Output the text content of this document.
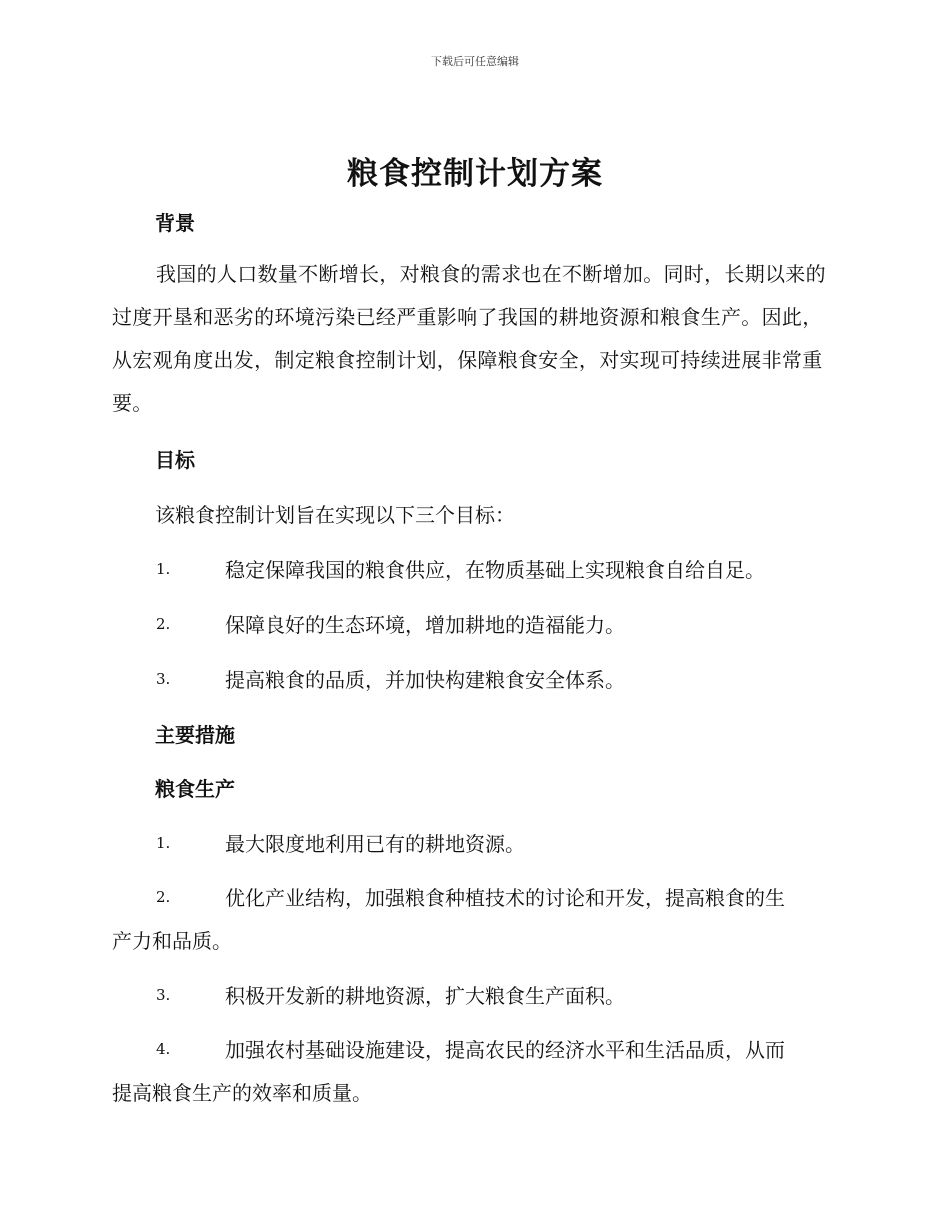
下载后可任意编辑
粮食控制计划方案
背景
我国的人口数量不断增长，对粮食的需求也在不断增加。同时，长期以来的过度开垦和恶劣的环境污染已经严重影响了我国的耕地资源和粮食生产。因此，从宏观角度出发，制定粮食控制计划，保障粮食安全，对实现可持续进展非常重要。
目标
该粮食控制计划旨在实现以下三个目标：
1.	稳定保障我国的粮食供应，在物质基础上实现粮食自给自足。
2.	保障良好的生态环境，增加耕地的造福能力。
3.	提高粮食的品质，并加快构建粮食安全体系。
主要措施
粮食生产
1.	最大限度地利用已有的耕地资源。
2.	优化产业结构，加强粮食种植技术的讨论和开发，提高粮食的生
产力和品质。
3.	积极开发新的耕地资源，扩大粮食生产面积。
4.	加强农村基础设施建设，提高农民的经济水平和生活品质，从而
提高粮食生产的效率和质量。
